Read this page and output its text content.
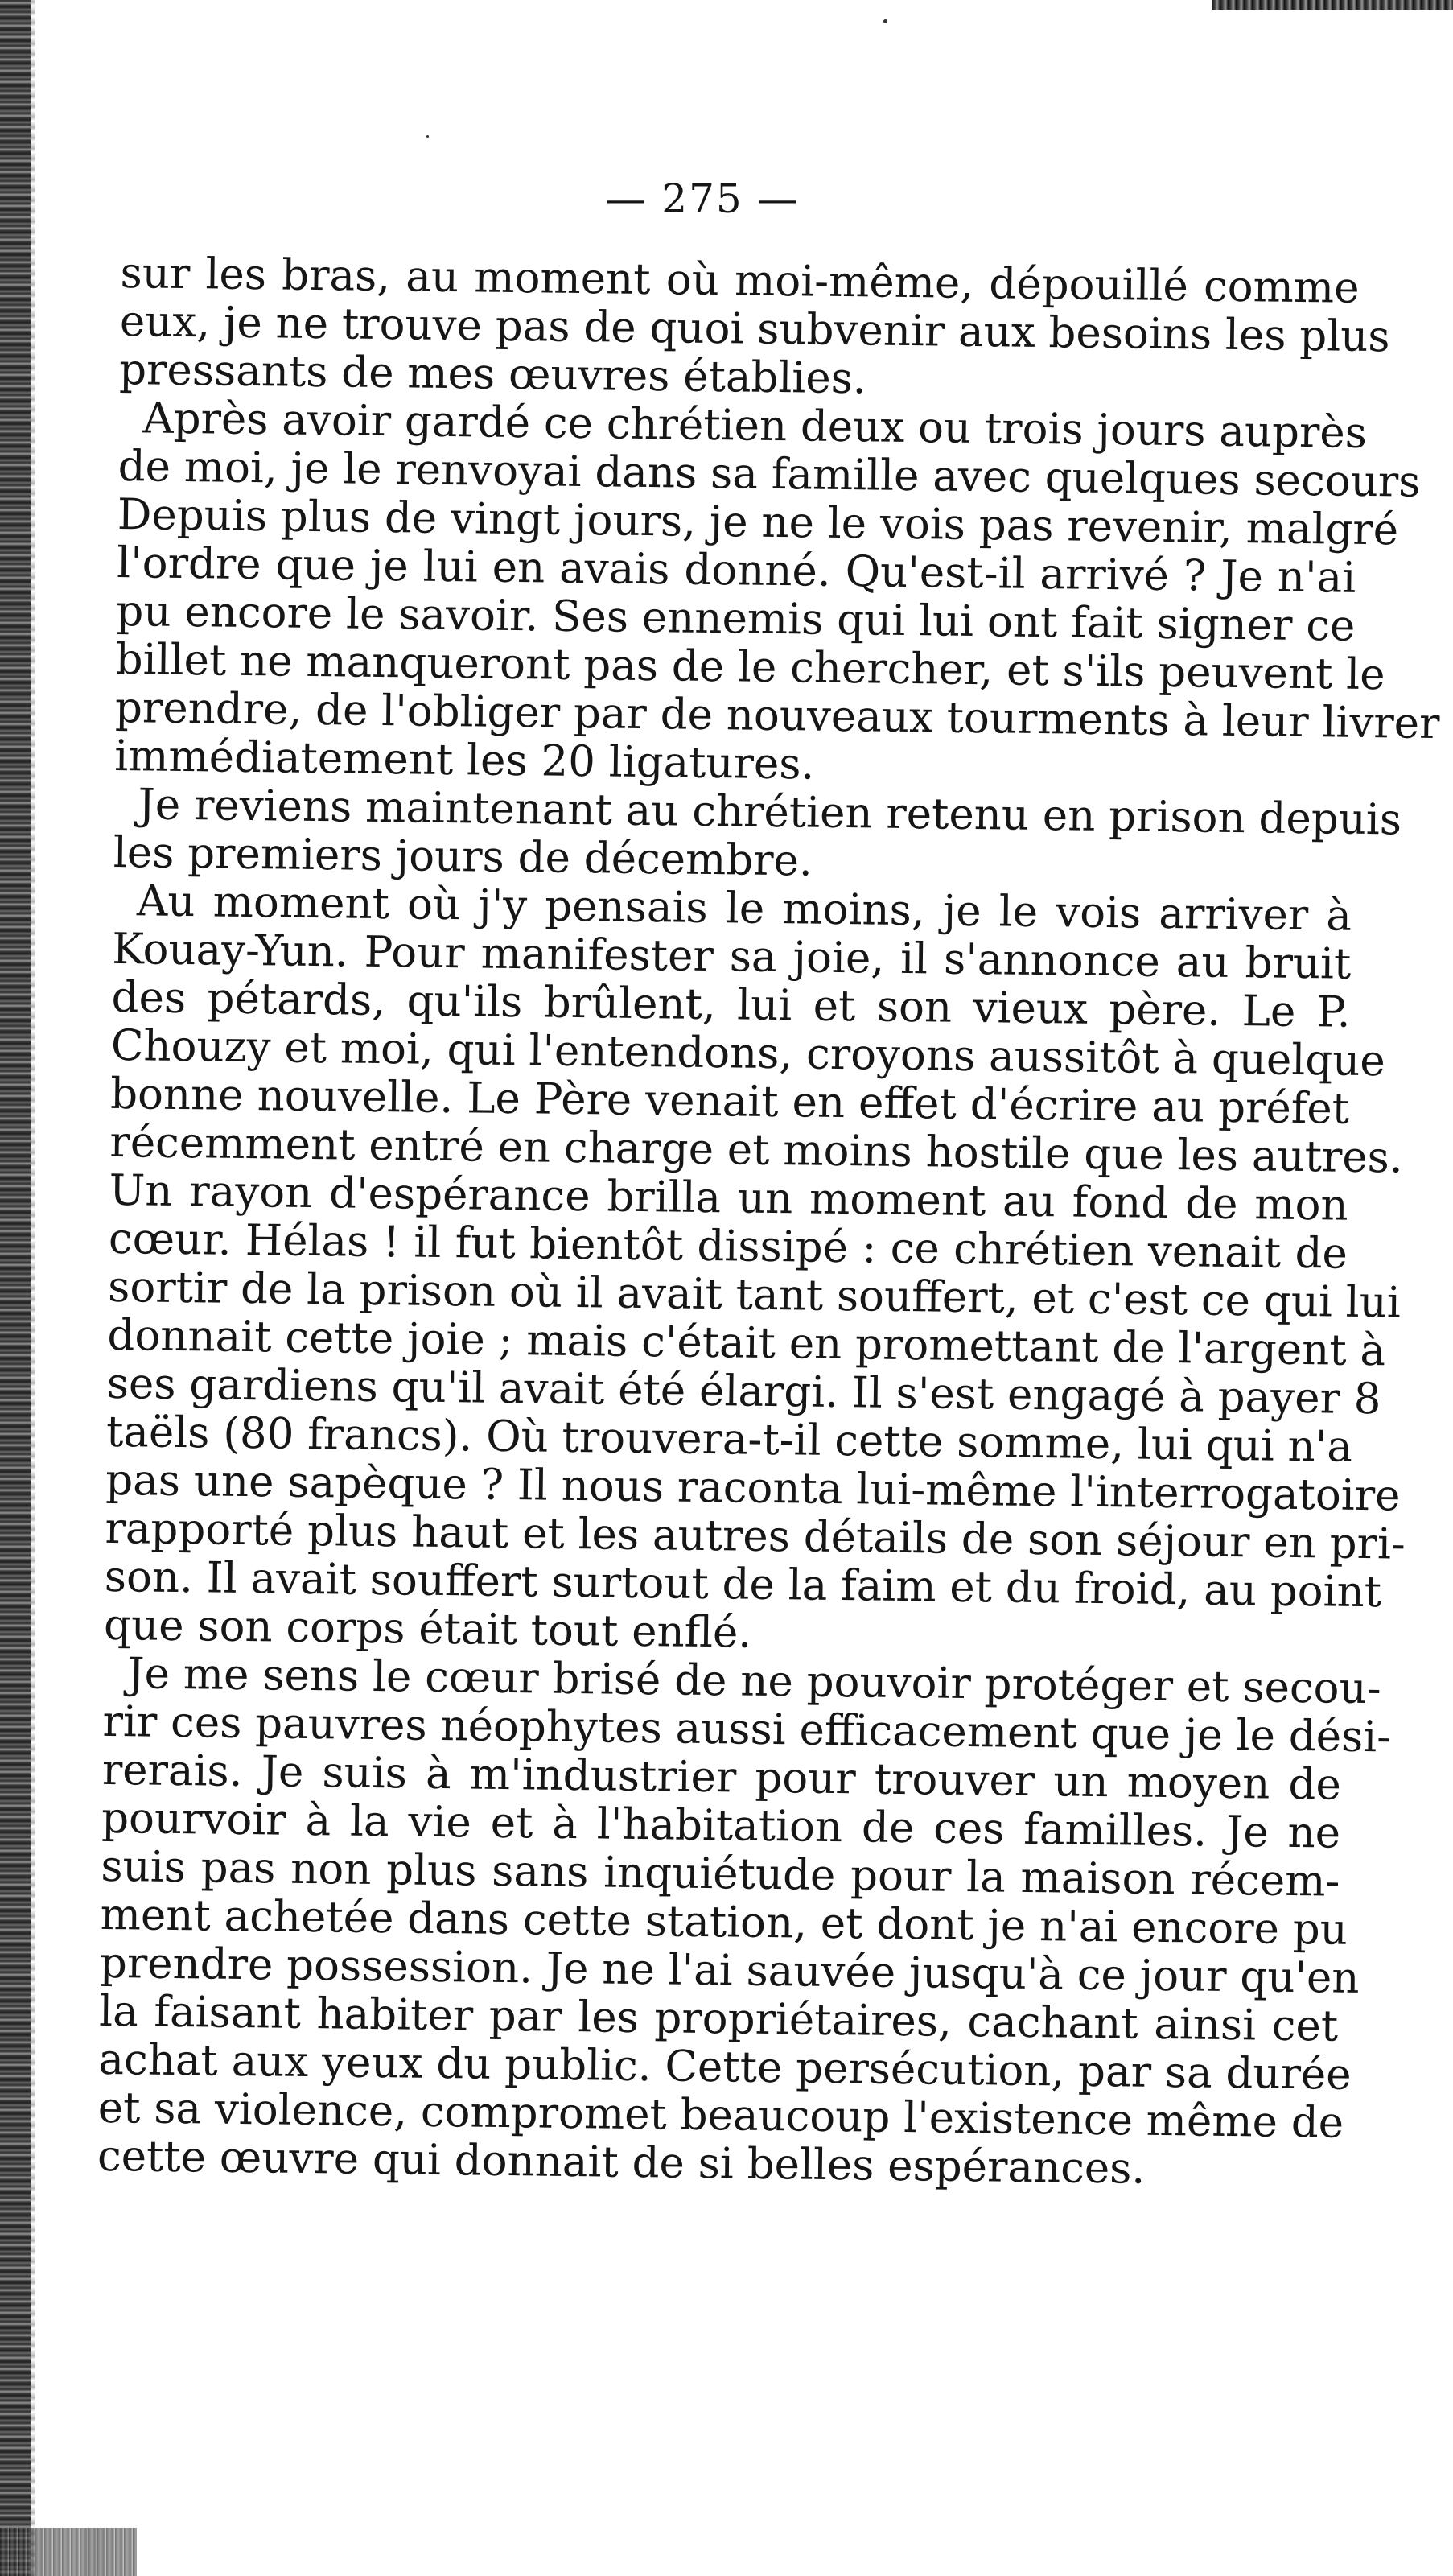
— 275 —
sur les bras, au moment où moi-même, dépouillé comme
eux, je ne trouve pas de quoi subvenir aux besoins les plus
pressants de mes œuvres établies.
Après avoir gardé ce chrétien deux ou trois jours auprès
de moi, je le renvoyai dans sa famille avec quelques secours
Depuis plus de vingt jours, je ne le vois pas revenir, malgré
l'ordre que je lui en avais donné. Qu'est-il arrivé ? Je n'ai
pu encore le savoir. Ses ennemis qui lui ont fait signer ce
billet ne manqueront pas de le chercher, et s'ils peuvent le
prendre, de l'obliger par de nouveaux tourments à leur livrer
immédiatement les 20 ligatures.
Je reviens maintenant au chrétien retenu en prison depuis
les premiers jours de décembre.
Au moment où j'y pensais le moins, je le vois arriver à
Kouay-Yun. Pour manifester sa joie, il s'annonce au bruit
des pétards, qu'ils brûlent, lui et son vieux père. Le P.
Chouzy et moi, qui l'entendons, croyons aussitôt à quelque
bonne nouvelle. Le Père venait en effet d'écrire au préfet
récemment entré en charge et moins hostile que les autres.
Un rayon d'espérance brilla un moment au fond de mon
cœur. Hélas ! il fut bientôt dissipé : ce chrétien venait de
sortir de la prison où il avait tant souffert, et c'est ce qui lui
donnait cette joie ; mais c'était en promettant de l'argent à
ses gardiens qu'il avait été élargi. Il s'est engagé à payer 8
taëls (80 francs). Où trouvera-t-il cette somme, lui qui n'a
pas une sapèque ? Il nous raconta lui-même l'interrogatoire
rapporté plus haut et les autres détails de son séjour en pri-
son. Il avait souffert surtout de la faim et du froid, au point
que son corps était tout enflé.
Je me sens le cœur brisé de ne pouvoir protéger et secou-
rir ces pauvres néophytes aussi efficacement que je le dési-
rerais. Je suis à m'industrier pour trouver un moyen de
pourvoir à la vie et à l'habitation de ces familles. Je ne
suis pas non plus sans inquiétude pour la maison récem-
ment achetée dans cette station, et dont je n'ai encore pu
prendre possession. Je ne l'ai sauvée jusqu'à ce jour qu'en
la faisant habiter par les propriétaires, cachant ainsi cet
achat aux yeux du public. Cette persécution, par sa durée
et sa violence, compromet beaucoup l'existence même de
cette œuvre qui donnait de si belles espérances.
